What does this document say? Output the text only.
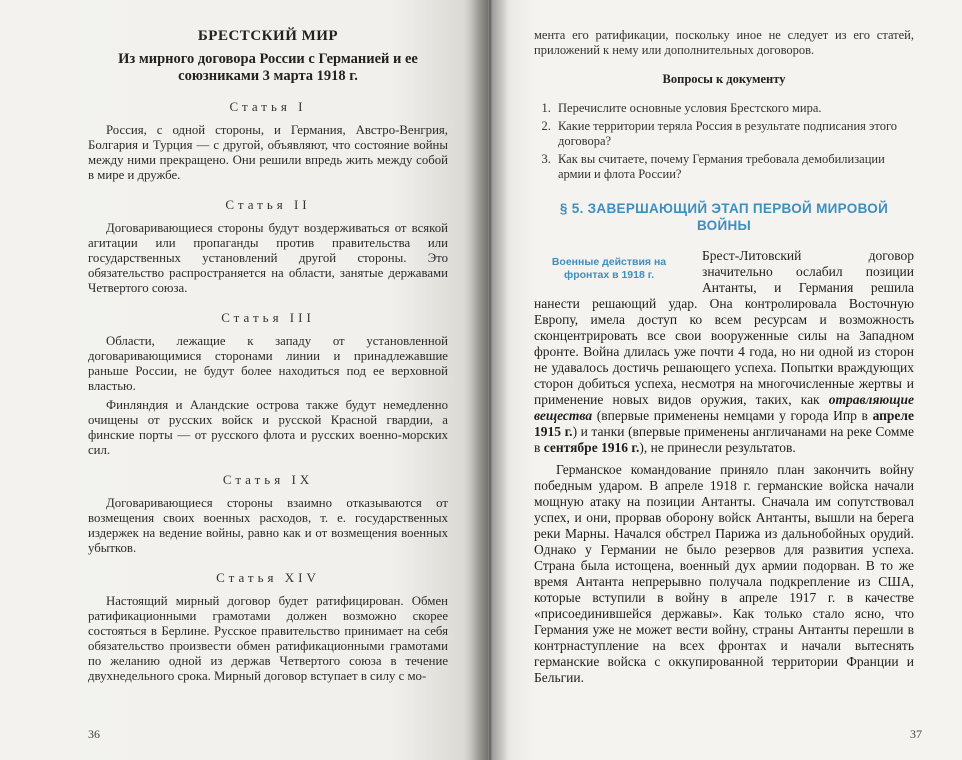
БРЕСТСКИЙ МИР
Из мирного договора России с Германией и ее союзниками 3 марта 1918 г.
Статья I

Россия, с одной стороны, и Германия, Австро-Венгрия, Болгария и Турция — с другой, объявляют, что состояние войны между ними прекращено. Они решили впредь жить между собой в мире и дружбе.

Статья II

Договаривающиеся стороны будут воздерживаться от всякой агитации или пропаганды против правительства или государственных установлений другой стороны. Это обязательство распространяется на области, занятые державами Четвертого союза.

Статья III

Области, лежащие к западу от установленной договаривающимися сторонами линии и принадлежавшие раньше России, не будут более находиться под ее верховной властью.

Финляндия и Аландские острова также будут немедленно очищены от русских войск и русской Красной гвардии, а финские порты — от русского флота и русских военно-морских сил.

Статья IX

Договаривающиеся стороны взаимно отказываются от возмещения своих военных расходов, т. е. государственных издержек на ведение войны, равно как и от возмещения военных убытков.

Статья XIV

Настоящий мирный договор будет ратифицирован. Обмен ратификационными грамотами должен возможно скорее состояться в Берлине. Русское правительство принимает на себя обязательство произвести обмен ратификационными грамотами по желанию одной из держав Четвертого союза в течение двухнедельного срока. Мирный договор вступает в силу с мо-

36

мента его ратификации, поскольку иное не следует из его статей, приложений к нему или дополнительных договоров.

Вопросы к документу
1. Перечислите основные условия Брестского мира.
2. Какие территории теряла Россия в результате подписания этого договора?
3. Как вы считаете, почему Германия требовала демобилизации армии и флота России?
§ 5. ЗАВЕРШАЮЩИЙ ЭТАП ПЕРВОЙ МИРОВОЙ ВОЙНЫ
Военные действия на фронтах в 1918 г.

Брест-Литовский договор значительно ослабил позиции Антанты, и Германия решила нанести решающий удар. Она контролировала Восточную Европу, имела доступ ко всем ресурсам и возможность сконцентрировать все свои вооруженные силы на Западном фронте. Война длилась уже почти 4 года, но ни одной из сторон не удавалось достичь решающего успеха. Попытки враждующих сторон добиться успеха, несмотря на многочисленные жертвы и применение новых видов оружия, таких, как отравляющие вещества (впервые применены немцами у города Ипр в апреле 1915 г.) и танки (впервые применены англичанами на реке Сомме в сентябре 1916 г.), не принесли результатов.

Германское командование приняло план закончить войну победным ударом. В апреле 1918 г. германские войска начали мощную атаку на позиции Антанты. Сначала им сопутствовал успех, и они, прорвав оборону войск Антанты, вышли на берега реки Марны. Начался обстрел Парижа из дальнобойных орудий. Однако у Германии не было резервов для развития успеха. Страна была истощена, военный дух армии подорван. В то же время Антанта непрерывно получала подкрепление из США, которые вступили в войну в апреле 1917 г. в качестве «присоединившейся державы». Как только стало ясно, что Германия уже не может вести войну, страны Антанты перешли в контрнаступление на всех фронтах и начали вытеснять германские войска с оккупированной территории Франции и Бельгии.

37
